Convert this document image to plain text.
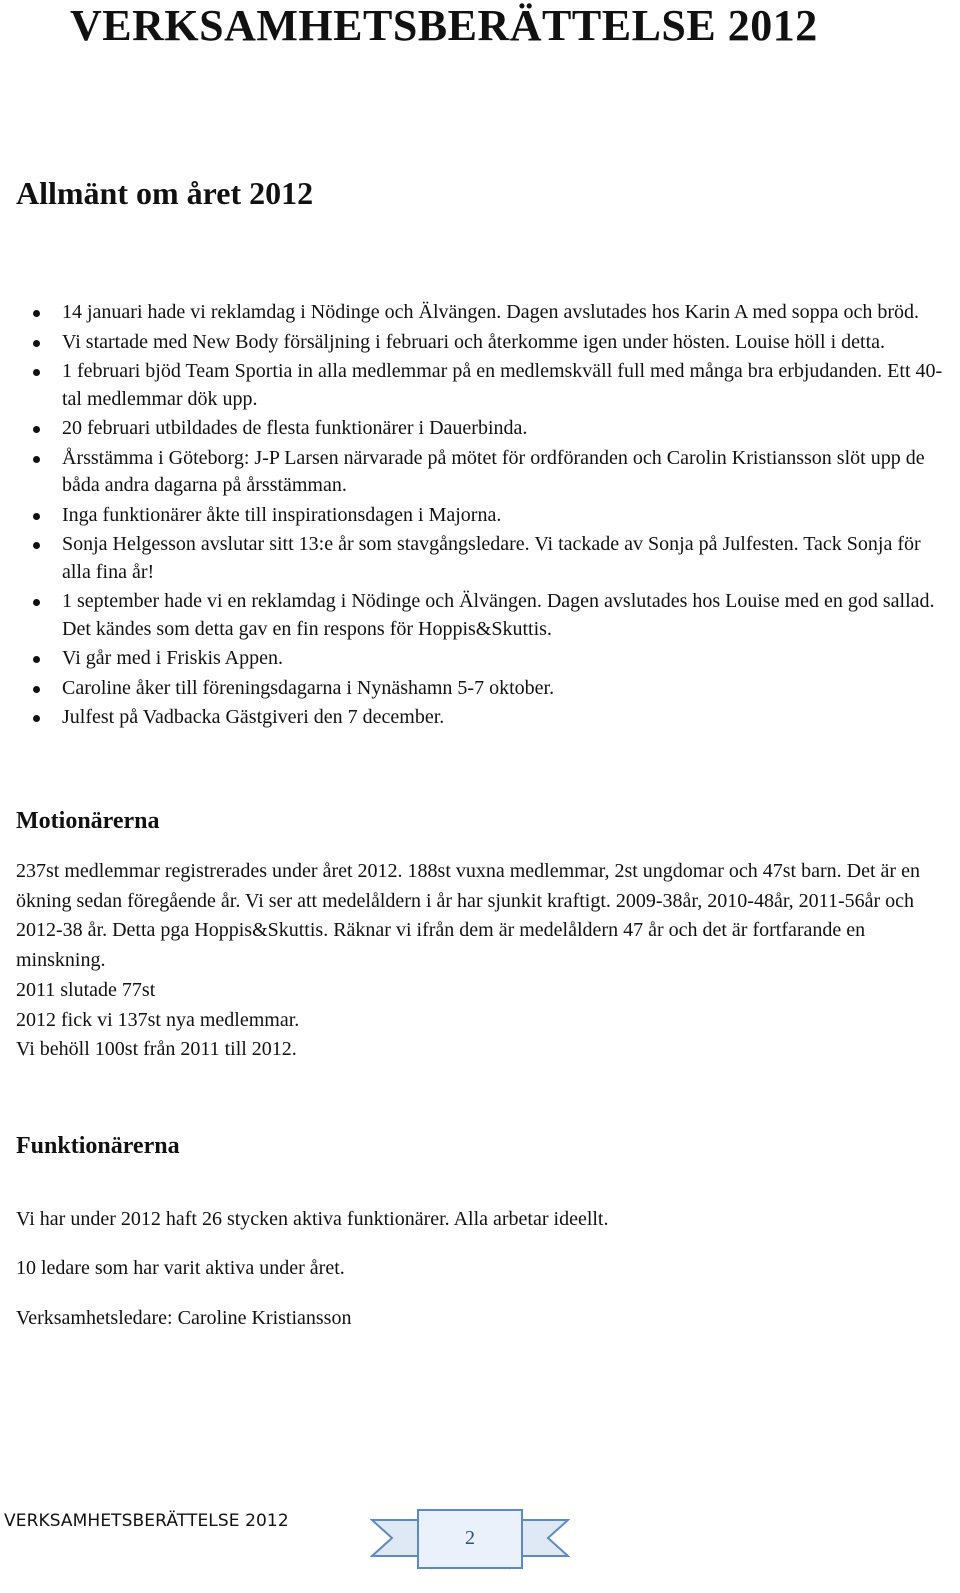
VERKSAMHETSBERÄTTELSE 2012
Allmänt om året 2012
14 januari hade vi reklamdag i Nödinge och Älvängen. Dagen avslutades hos Karin A med soppa och bröd.
Vi startade med New Body försäljning i februari och återkomme igen under hösten. Louise höll i detta.
1 februari bjöd Team Sportia in alla medlemmar på en medlemskväll full med många bra erbjudanden. Ett 40-tal medlemmar dök upp.
20 februari utbildades de flesta funktionärer i Dauerbinda.
Årsstämma i Göteborg: J-P Larsen närvarade på mötet för ordföranden och Carolin Kristiansson slöt upp de båda andra dagarna på årsstämman.
Inga funktionärer åkte till inspirationsdagen i Majorna.
Sonja Helgesson avslutar sitt 13:e år som stavgångsledare. Vi tackade av Sonja på Julfesten. Tack Sonja för alla fina år!
1 september hade vi en reklamdag i Nödinge och Älvängen. Dagen avslutades hos Louise med en god sallad. Det kändes som detta gav en fin respons för Hoppis&Skuttis.
Vi går med i Friskis Appen.
Caroline åker till föreningsdagarna i Nynäshamn 5-7 oktober.
Julfest på Vadbacka Gästgiveri den 7 december.
Motionärerna

237st medlemmar registrerades under året 2012. 188st vuxna medlemmar, 2st ungdomar och 47st barn. Det är en ökning sedan föregående år. Vi ser att medelåldern i år har sjunkit kraftigt. 2009-38år, 2010-48år, 2011-56år och 2012-38 år. Detta pga Hoppis&Skuttis. Räknar vi ifrån dem är medelåldern 47 år och det är fortfarande en minskning.

2011 slutade 77st

2012 fick vi 137st nya medlemmar.

Vi behöll 100st från 2011 till 2012.

Funktionärerna

Vi har under 2012 haft 26 stycken aktiva funktionärer. Alla arbetar ideellt.

10 ledare som har varit aktiva under året.

Verksamhetsledare: Caroline Kristiansson

VERKSAMHETSBERÄTTELSE 2012

2
